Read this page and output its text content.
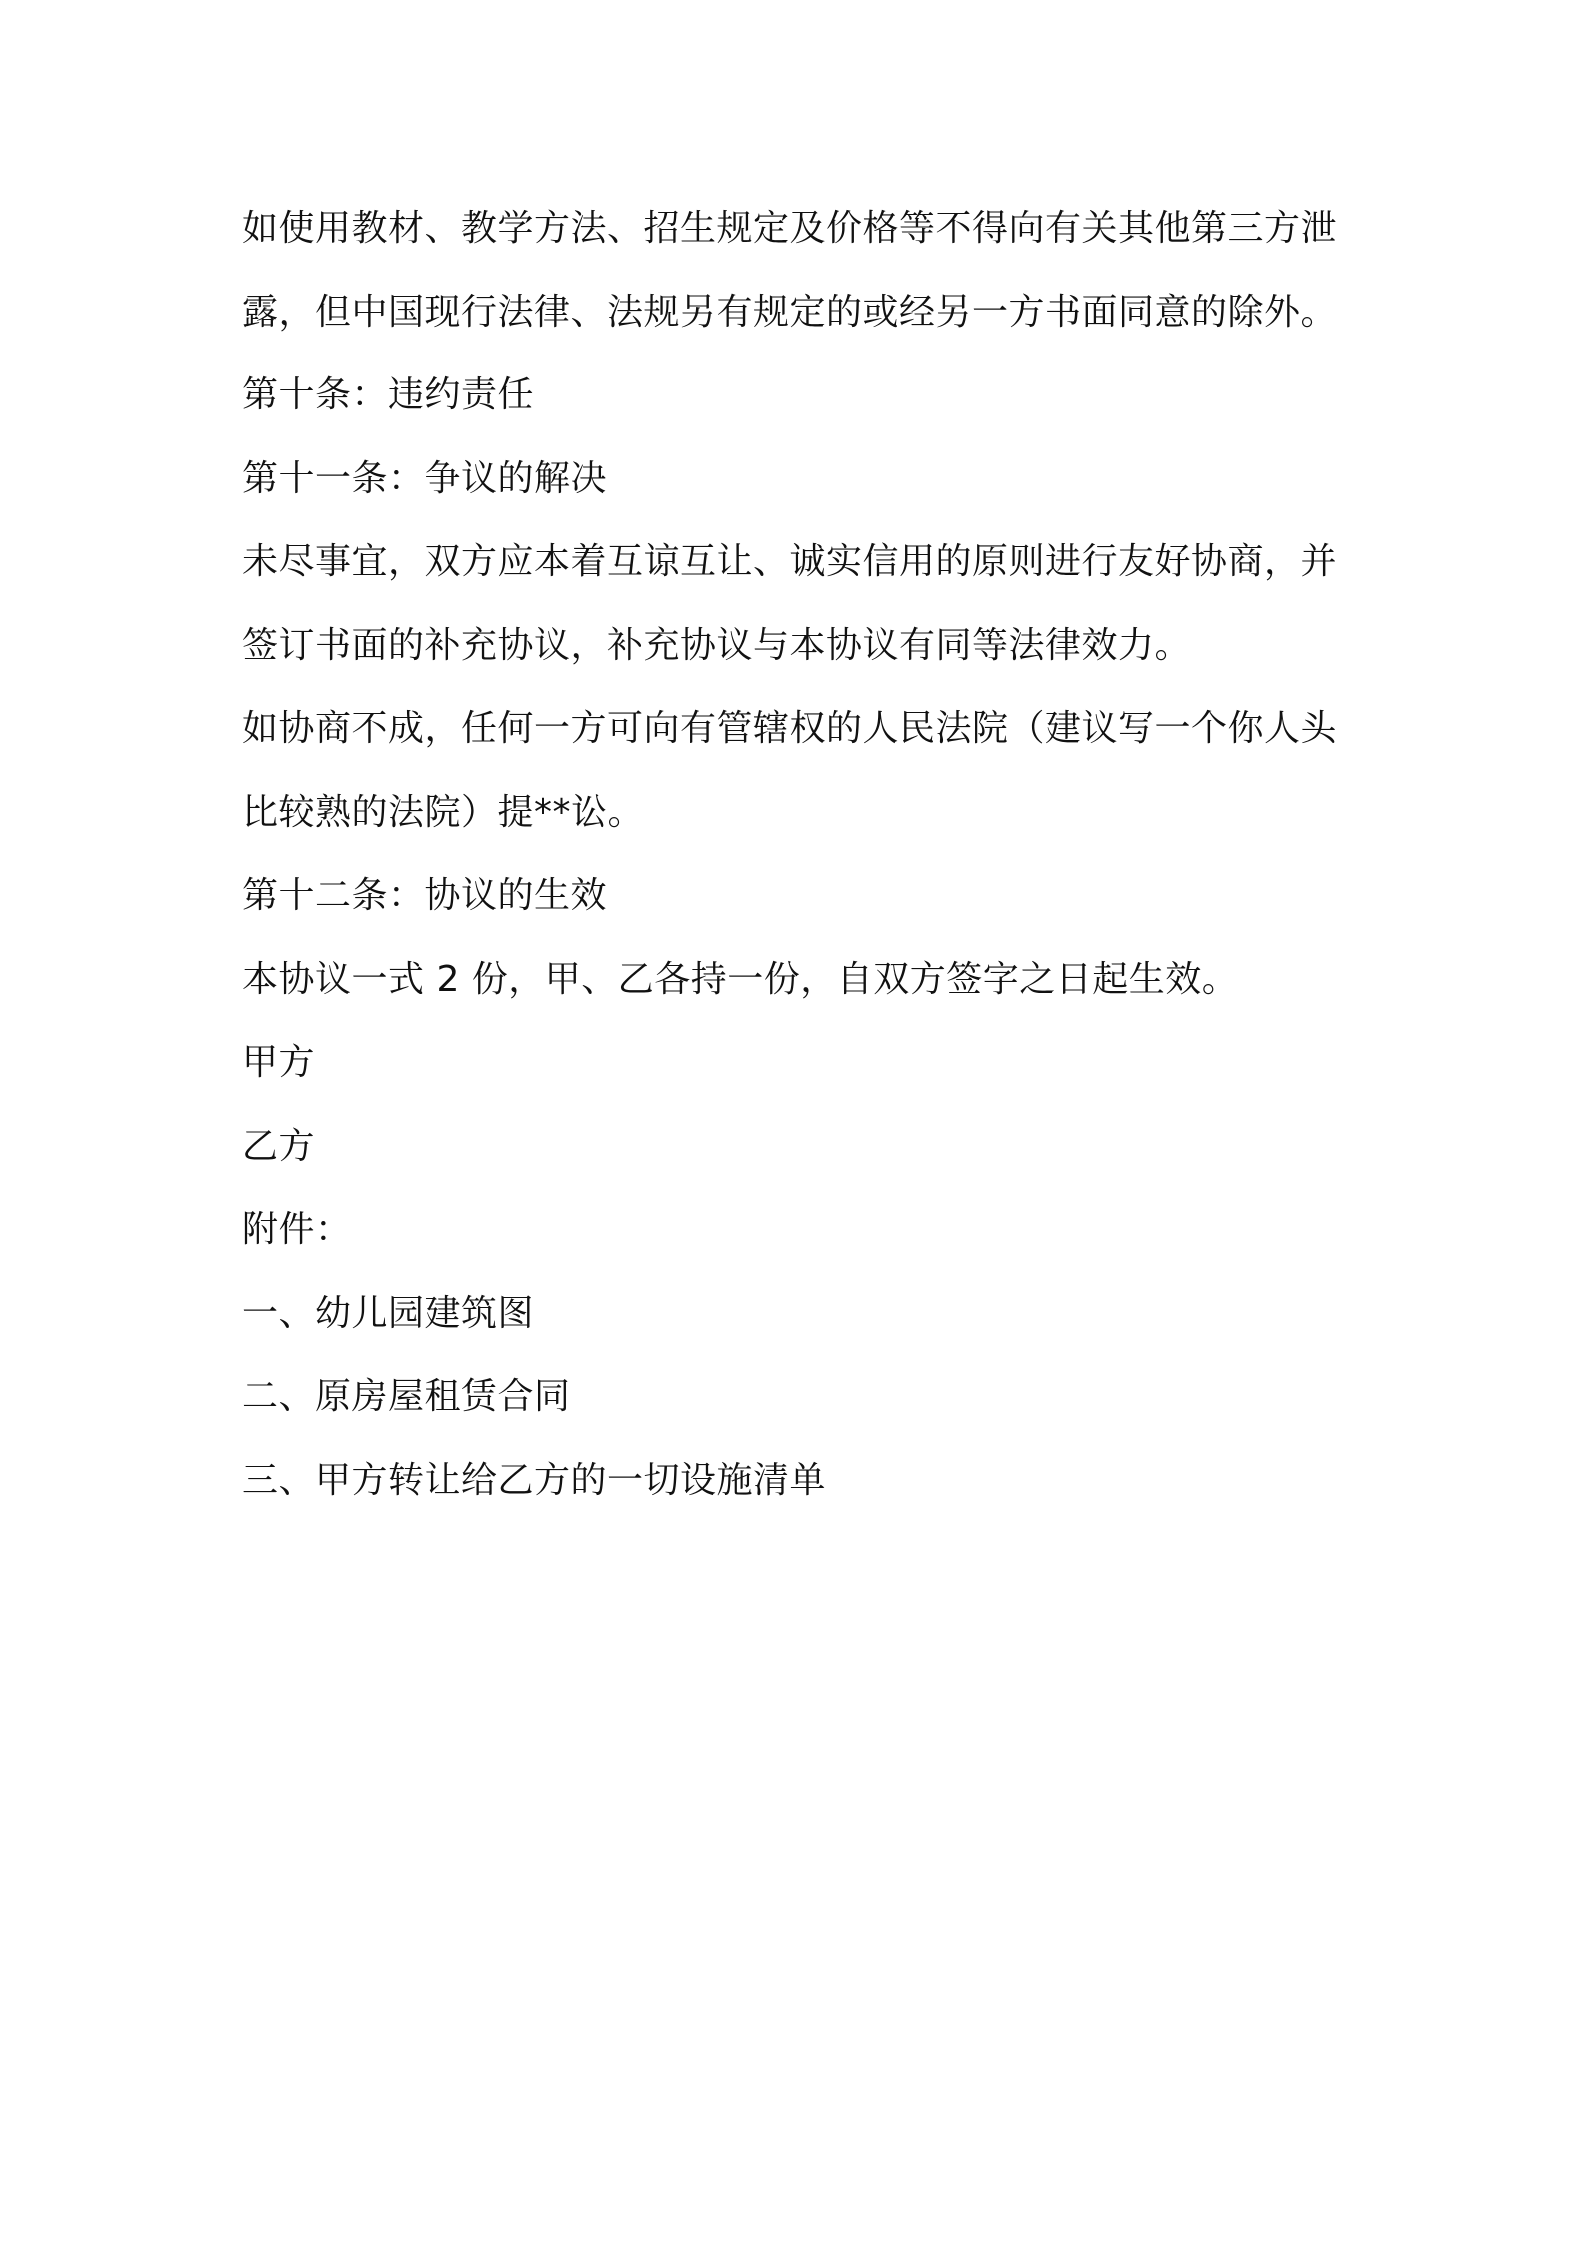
如使用教材、教学方法、招生规定及价格等不得向有关其他第三方泄
露，但中国现行法律、法规另有规定的或经另一方书面同意的除外。
第十条：违约责任
第十一条：争议的解决
未尽事宜，双方应本着互谅互让、诚实信用的原则进行友好协商，并
签订书面的补充协议，补充协议与本协议有同等法律效力。
如协商不成，任何一方可向有管辖权的人民法院（建议写一个你人头
比较熟的法院）提**讼。
第十二条：协议的生效
本协议一式 2 份，甲、乙各持一份，自双方签字之日起生效。
甲方
乙方
附件：
一、幼儿园建筑图
二、原房屋租赁合同
三、甲方转让给乙方的一切设施清单
